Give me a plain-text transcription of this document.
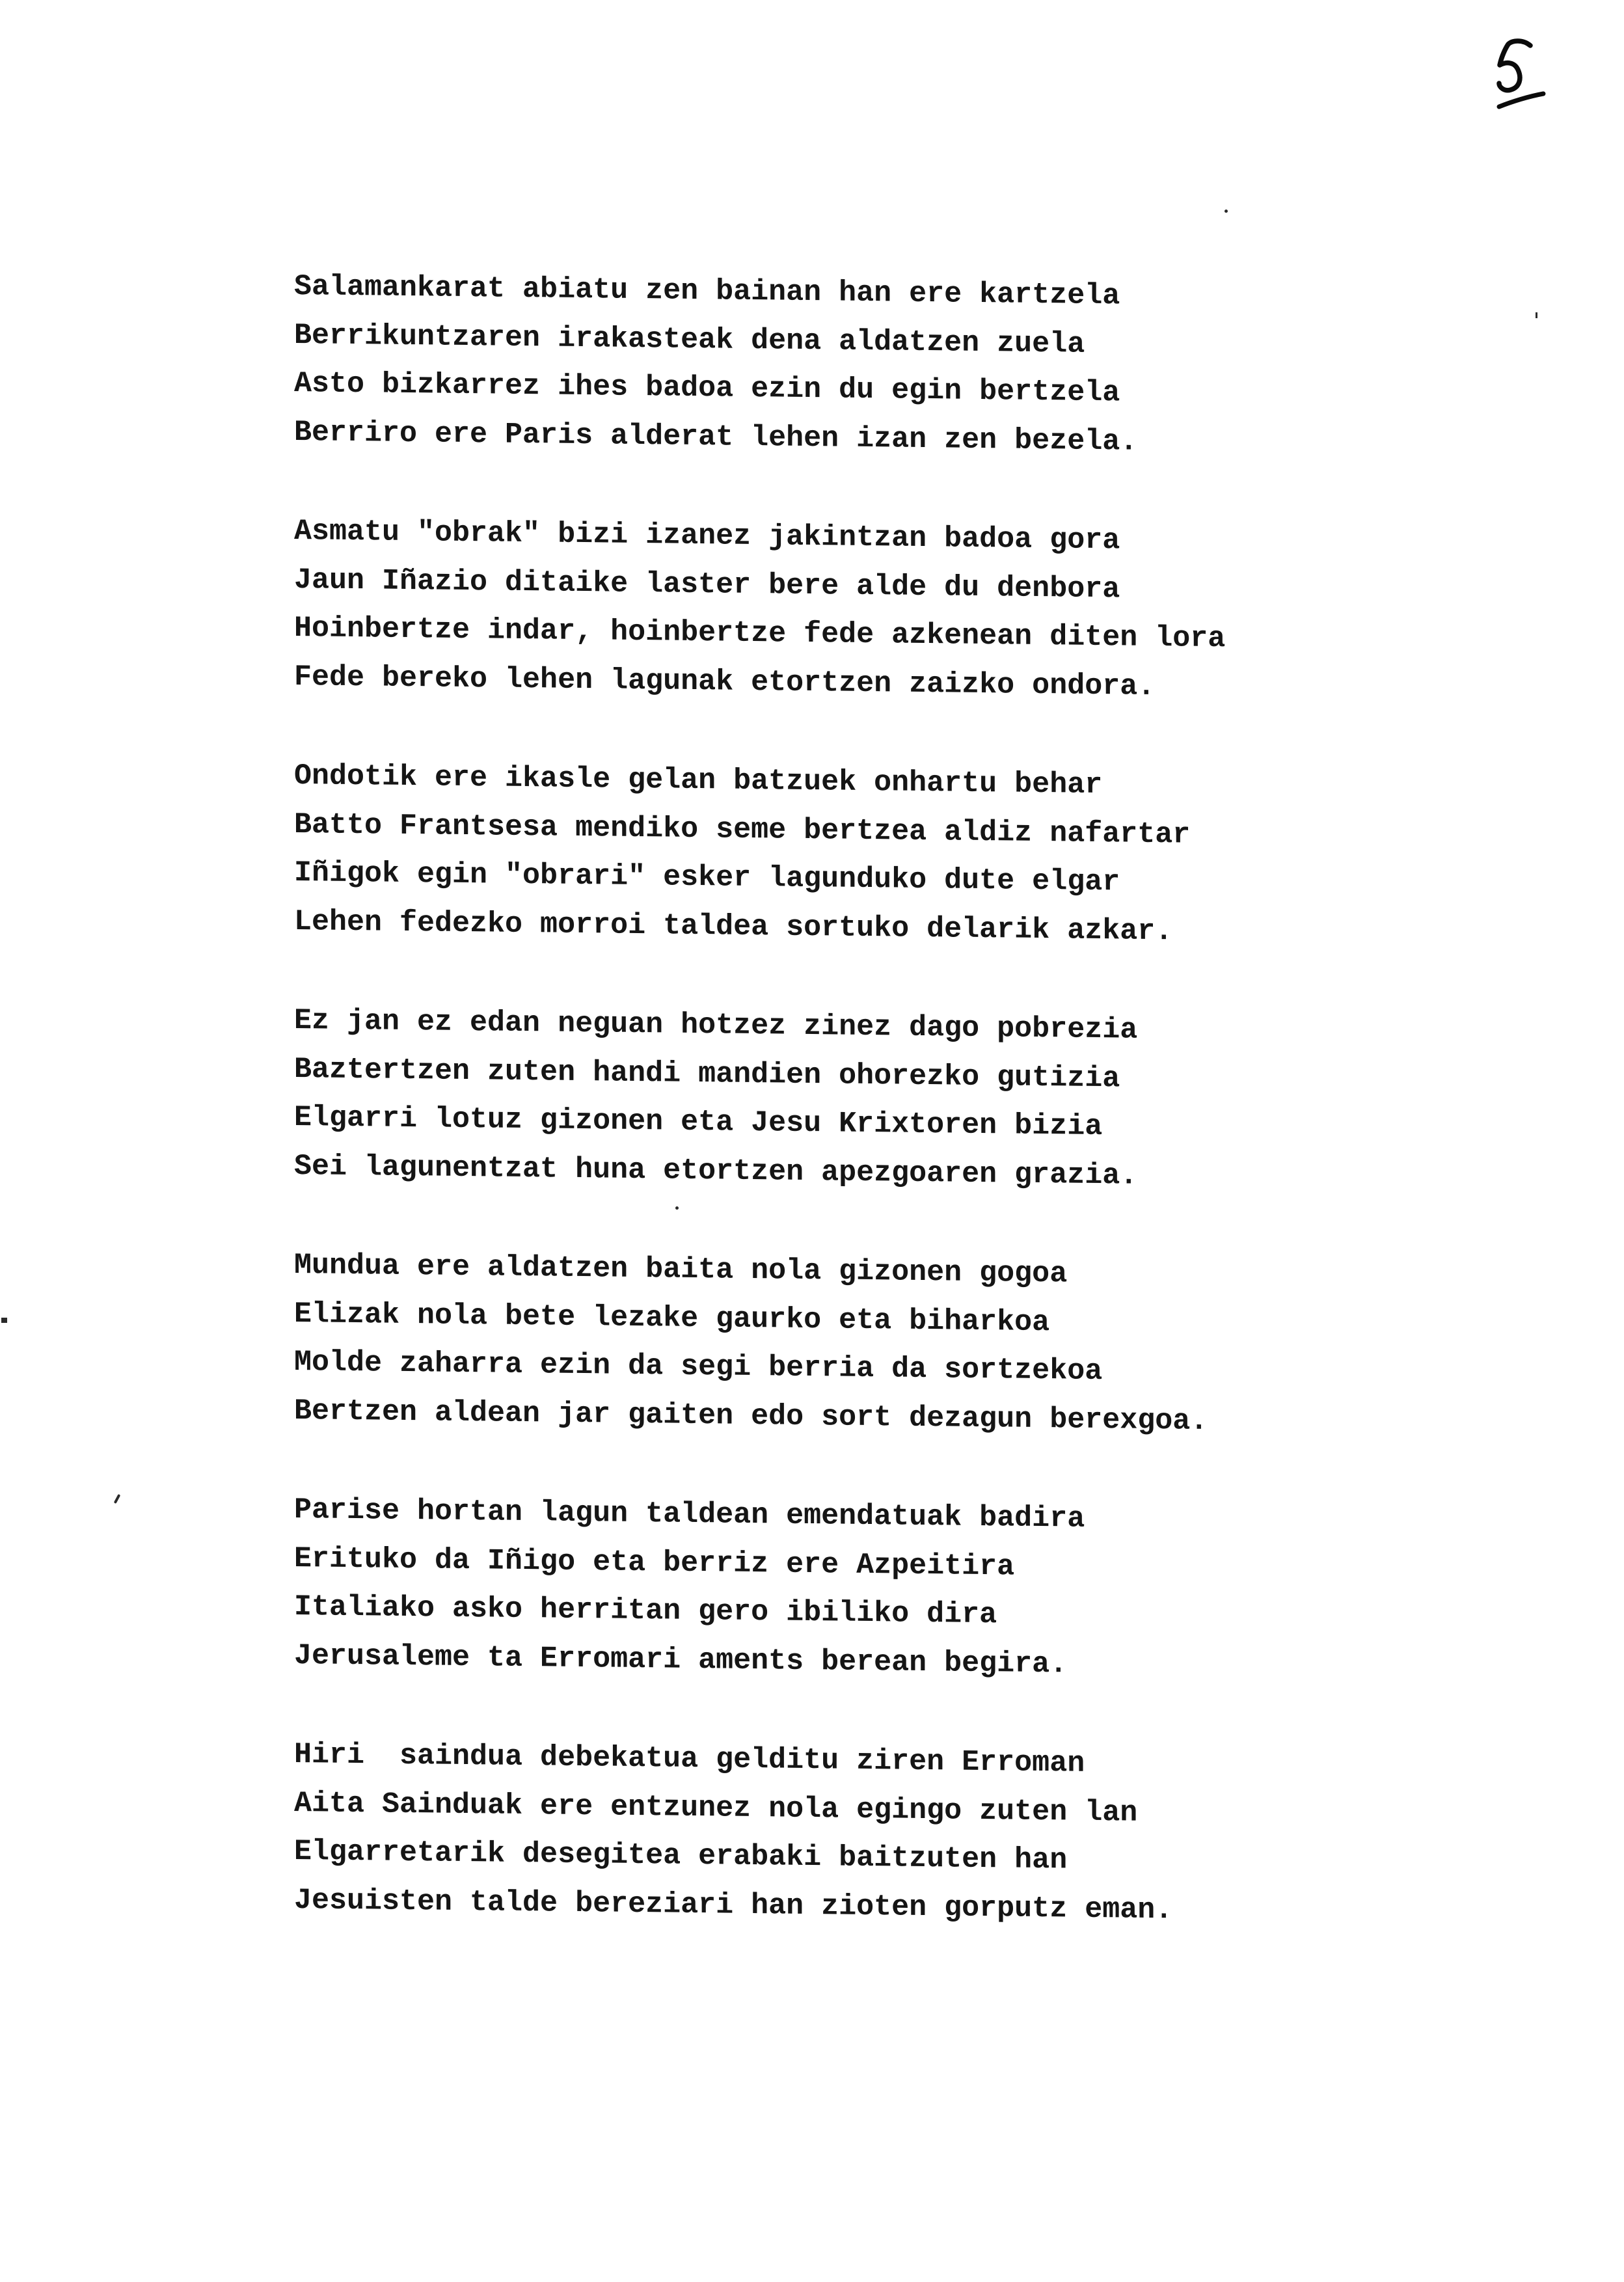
Salamankarat abiatu zen bainan han ere kartzela
Berrikuntzaren irakasteak dena aldatzen zuela
Asto bizkarrez ihes badoa ezin du egin bertzela
Berriro ere Paris alderat lehen izan zen bezela.
Asmatu "obrak" bizi izanez jakintzan badoa gora
Jaun Iñazio ditaike laster bere alde du denbora
Hoinbertze indar, hoinbertze fede azkenean diten lora
Fede bereko lehen lagunak etortzen zaizko ondora.
Ondotik ere ikasle gelan batzuek onhartu behar
Batto Frantsesa mendiko seme bertzea aldiz nafartar
Iñigok egin "obrari" esker lagunduko dute elgar
Lehen fedezko morroi taldea sortuko delarik azkar.
Ez jan ez edan neguan hotzez zinez dago pobrezia
Baztertzen zuten handi mandien ohorezko gutizia
Elgarri lotuz gizonen eta Jesu Krixtoren bizia
Sei lagunentzat huna etortzen apezgoaren grazia.
Mundua ere aldatzen baita nola gizonen gogoa
Elizak nola bete lezake gaurko eta biharkoa
Molde zaharra ezin da segi berria da sortzekoa
Bertzen aldean jar gaiten edo sort dezagun berexgoa.
Parise hortan lagun taldean emendatuak badira
Erituko da Iñigo eta berriz ere Azpeitira
Italiako asko herritan gero ibiliko dira
Jerusaleme ta Erromari aments berean begira.
Hiri  saindua debekatua gelditu ziren Erroman
Aita Sainduak ere entzunez nola egingo zuten lan
Elgarretarik desegitea erabaki baitzuten han
Jesuisten talde bereziari han zioten gorputz eman.
